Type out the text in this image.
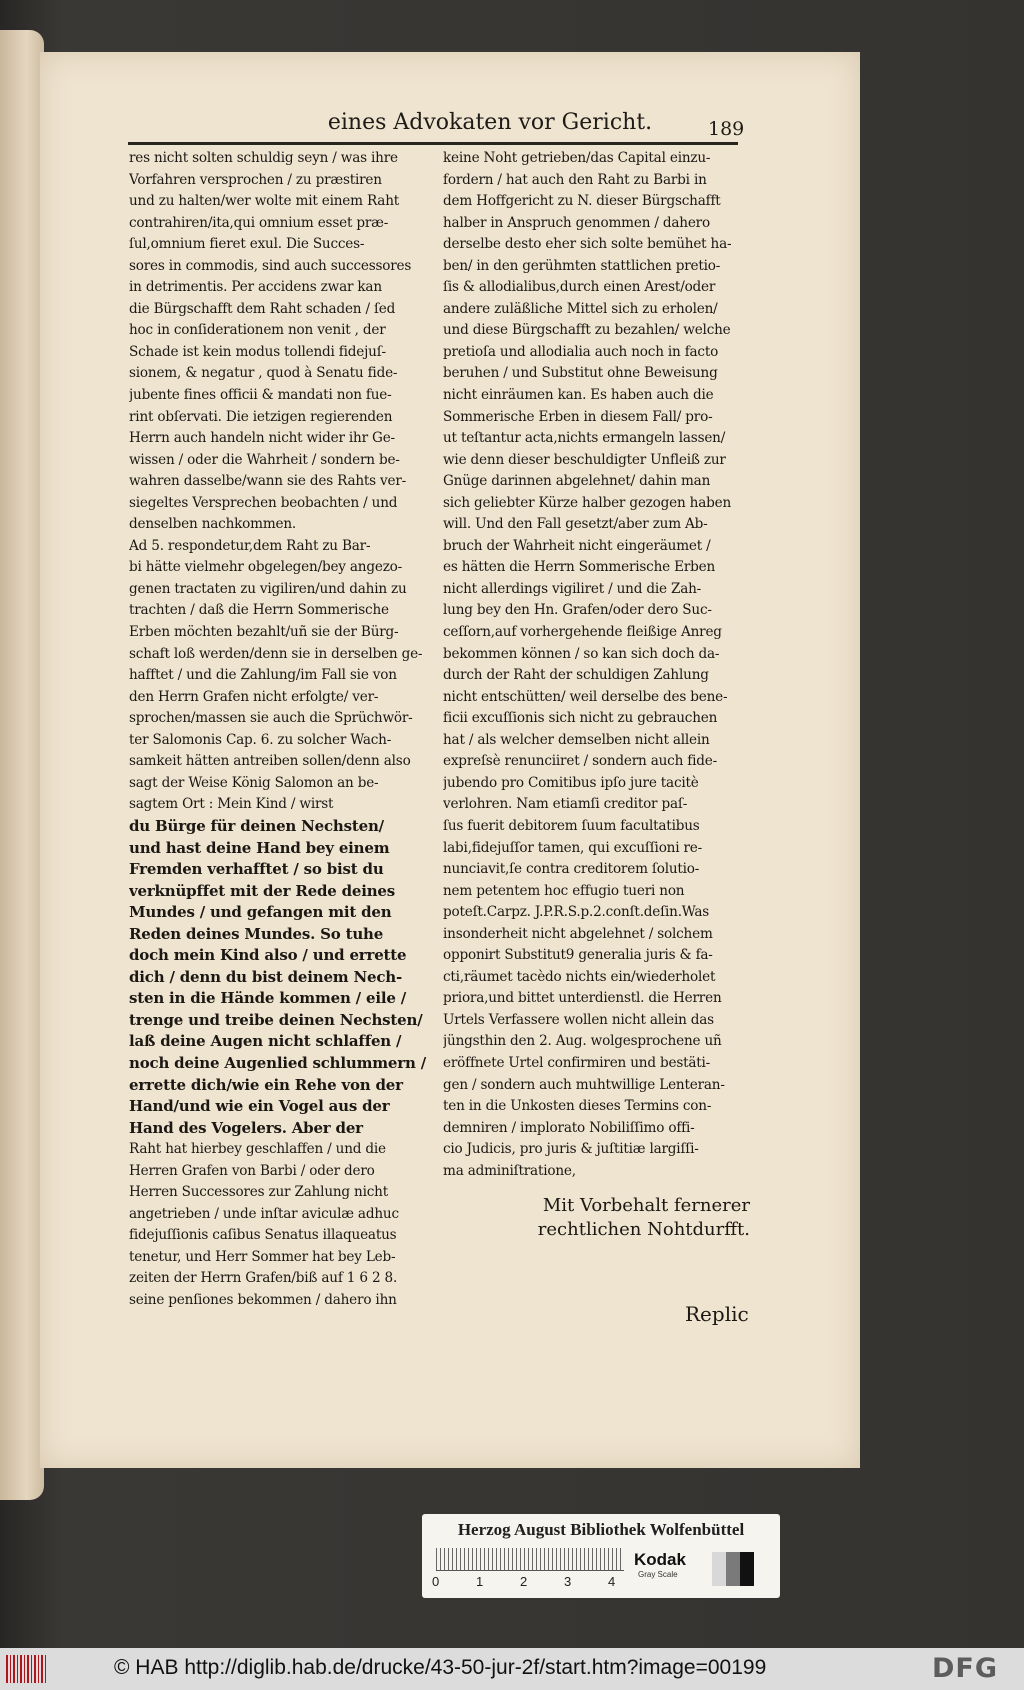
eines Advokaten vor Gericht.	189
res nicht solten schuldig seyn / was ihre
Vorfahren versprochen / zu præstiren
und zu halten/wer wolte mit einem Raht
contrahiren/ita,qui omnium esset præ-
ſul,omnium fieret exul. Die Succes-
sores in commodis, sind auch successores
in detrimentis. Per accidens zwar kan
die Bürgschafft dem Raht schaden / ſed
hoc in conſiderationem non venit , der
Schade ist kein modus tollendi fidejuſ-
sionem, & negatur , quod à Senatu fide-
jubente fines officii & mandati non fue-
rint obſervati. Die ietzigen regierenden
Herrn auch handeln nicht wider ihr Ge-
wissen / oder die Wahrheit / sondern be-
wahren dasselbe/wann sie des Rahts ver-
siegeltes Versprechen beobachten / und
denselben nachkommen.
Ad 5. respondetur,dem Raht zu Bar-
bi hätte vielmehr obgelegen/bey angezo-
genen tractaten zu vigiliren/und dahin zu
trachten / daß die Herrn Sommerische
Erben möchten bezahlt/uñ sie der Bürg-
schaft loß werden/denn sie in derselben ge-
hafftet / und die Zahlung/im Fall sie von
den Herrn Grafen nicht erfolgte/ ver-
sprochen/massen sie auch die Sprüchwör-
ter Salomonis Cap. 6. zu solcher Wach-
samkeit hätten antreiben sollen/denn also
sagt der Weise König Salomon an be-
sagtem Ort : Mein Kind / wirst
du Bürge für deinen Nechsten/
und hast deine Hand bey einem
Fremden verhafftet / so bist du
verknüpffet mit der Rede deines
Mundes / und gefangen mit den
Reden deines Mundes. So tuhe
doch mein Kind also / und errette
dich / denn du bist deinem Nech-
sten in die Hände kommen / eile /
trenge und treibe deinen Nechsten/
laß deine Augen nicht schlaffen /
noch deine Augenlied schlummern /
errette dich/wie ein Rehe von der
Hand/und wie ein Vogel aus der
Hand des Vogelers. Aber der
Raht hat hierbey geschlaffen / und die
Herren Grafen von Barbi / oder dero
Herren Successores zur Zahlung nicht
angetrieben / unde inſtar aviculæ adhuc
fidejuſſionis caſibus Senatus illaqueatus
tenetur, und Herr Sommer hat bey Leb-
zeiten der Herrn Grafen/biß auf 1 6 2 8.
seine penſiones bekommen / dahero ihn
keine Noht getrieben/das Capital einzu-
fordern / hat auch den Raht zu Barbi in
dem Hoffgericht zu N. dieser Bürgschafft
halber in Anspruch genommen / dahero
derselbe desto eher sich solte bemühet ha-
ben/ in den gerühmten stattlichen pretio-
ſis & allodialibus,durch einen Arest/oder
andere zuläßliche Mittel sich zu erholen/
und diese Bürgschafft zu bezahlen/ welche
pretioſa und allodialia auch noch in facto
beruhen / und Substitut ohne Beweisung
nicht einräumen kan. Es haben auch die
Sommerische Erben in diesem Fall/ pro-
ut teſtantur acta,nichts ermangeln lassen/
wie denn dieser beschuldigter Unfleiß zur
Gnüge darinnen abgelehnet/ dahin man
sich geliebter Kürze halber gezogen haben
will. Und den Fall gesetzt/aber zum Ab-
bruch der Wahrheit nicht eingeräumet /
es hätten die Herrn Sommerische Erben
nicht allerdings vigiliret / und die Zah-
lung bey den Hn. Grafen/oder dero Suc-
ceſſorn,auf vorhergehende fleißige Anreg
bekommen können / so kan sich doch da-
durch der Raht der schuldigen Zahlung
nicht entschütten/ weil derselbe des bene-
ficii excuſſionis sich nicht zu gebrauchen
hat / als welcher demselben nicht allein
expreſsè renunciiret / sondern auch fide-
jubendo pro Comitibus ipſo jure tacitè
verlohren. Nam etiamſi creditor paſ-
ſus fuerit debitorem ſuum facultatibus
labi,fidejuſſor tamen, qui excuſſioni re-
nunciavit,ſe contra creditorem ſolutio-
nem petentem hoc effugio tueri non
poteſt.Carpz. J.P.R.S.p.2.conſt.deſin.Was
insonderheit nicht abgelehnet / solchem
opponirt Substitut9 generalia juris & fa-
cti,räumet tacèdo nichts ein/wiederholet
priora,und bittet unterdienstl. die Herren
Urtels Verfassere wollen nicht allein das
jüngsthin den 2. Aug. wolgesprochene uñ
eröffnete Urtel confirmiren und bestäti-
gen / sondern auch muhtwillige Lenteran-
ten in die Unkosten dieses Termins con-
demniren / implorato Nobiliſſimo offi-
cio Judicis, pro juris & juſtitiæ largiſſi-
ma adminiſtratione,
Mit Vorbehalt fernerer
rechtlichen Nohtdurfft.
Replic
Herzog August Bibliothek Wolfenbüttel
0	1	2	3	4
Kodak
Gray Scale
© HAB http://diglib.hab.de/drucke/43-50-jur-2f/start.htm?image=00199	DFG
